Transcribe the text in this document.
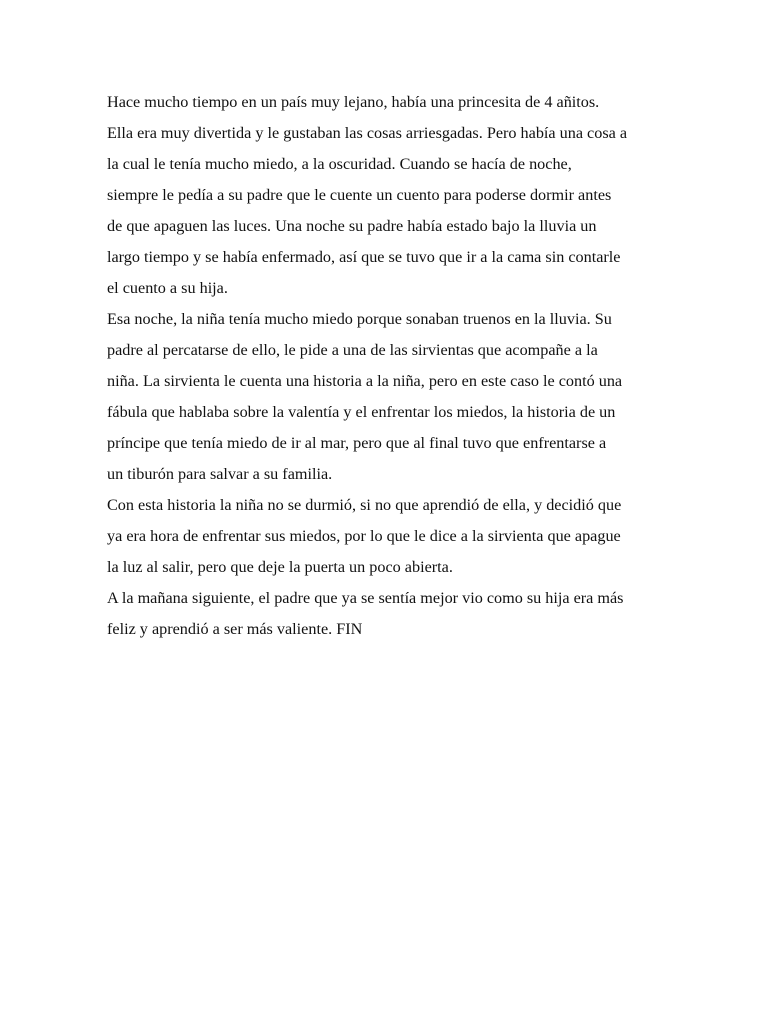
Hace mucho tiempo en un país muy lejano, había una princesita de 4 añitos.
Ella era muy divertida y le gustaban las cosas arriesgadas. Pero había una cosa a
la cual le tenía mucho miedo, a la oscuridad. Cuando se hacía de noche,
siempre le pedía a su padre que le cuente un cuento para poderse dormir antes
de que apaguen las luces. Una noche su padre había estado bajo la lluvia un
largo tiempo y se había enfermado, así que se tuvo que ir a la cama sin contarle
el cuento a su hija.

Esa noche, la niña tenía mucho miedo porque sonaban truenos en la lluvia. Su
padre al percatarse de ello, le pide a una de las sirvientas que acompañe a la
niña. La sirvienta le cuenta una historia a la niña, pero en este caso le contó una
fábula que hablaba sobre la valentía y el enfrentar los miedos, la historia de un
príncipe que tenía miedo de ir al mar, pero que al final tuvo que enfrentarse a
un tiburón para salvar a su familia.

Con esta historia la niña no se durmió, si no que aprendió de ella, y decidió que
ya era hora de enfrentar sus miedos, por lo que le dice a la sirvienta que apague
la luz al salir, pero que deje la puerta un poco abierta.

A la mañana siguiente, el padre que ya se sentía mejor vio como su hija era más
feliz y aprendió a ser más valiente. FIN
